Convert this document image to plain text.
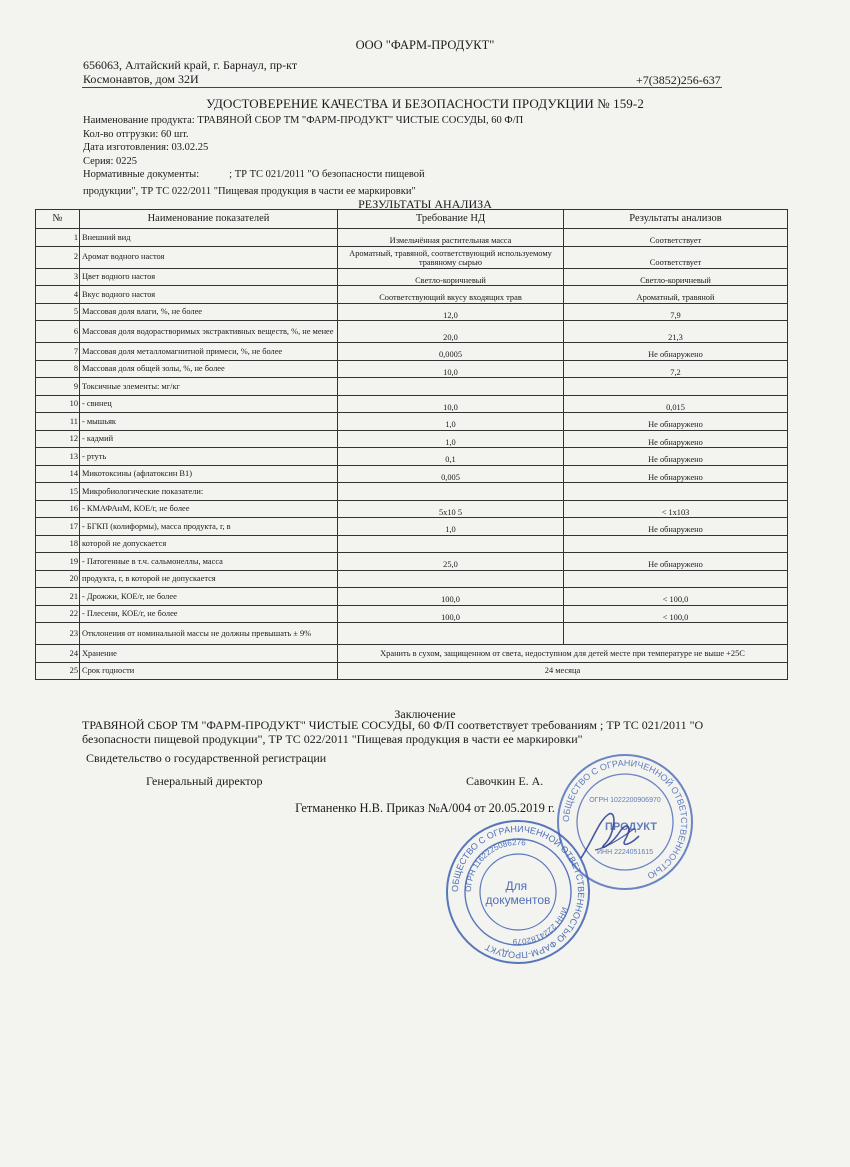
ООО "ФАРМ-ПРОДУКТ"
656063, Алтайский край, г. Барнаул, пр-кт
Космонавтов, дом 32И	+7(3852)256-637
УДОСТОВЕРЕНИЕ КАЧЕСТВА И БЕЗОПАСНОСТИ ПРОДУКЦИИ № 159-2
Наименование продукта: ТРАВЯНОЙ СБОР ТМ "ФАРМ-ПРОДУКТ" ЧИСТЫЕ СОСУДЫ, 60 Ф/П
Кол-во отгрузки: 60 шт.
Дата изготовления: 03.02.25
Серия: 0225
Нормативные документы:	; ТР ТС 021/2011 "О безопасности пищевой
продукции", ТР ТС 022/2011 "Пищевая продукция в части ее маркировки"
РЕЗУЛЬТАТЫ АНАЛИЗА
№	Наименование показателей	Требование НД	Результаты анализов
1	Внешний вид	Измельчённая растительная масса	Соответствует
2	Аромат водного настоя	Ароматный, травяной, соответствующий используемому травяному сырью	Соответствует
3	Цвет водного настоя	Светло-коричневый	Светло-коричневый
4	Вкус водного настоя	Соответствующий вкусу входящих трав	Ароматный, травяной
5	Массовая доля влаги, %, не более	12,0	7,9
6	Массовая доля водорастворимых экстрактивных веществ, %, не менее	20,0	21,3
7	Массовая доля металломагнитной примеси, %, не более	0,0005	Не обнаружено
8	Массовая доля общей золы, %, не более	10,0	7,2
9	Токсичные элементы: мг/кг		
10	- свинец	10,0	0,015
11	- мышьяк	1,0	Не обнаружено
12	- кадмий	1,0	Не обнаружено
13	- ртуть	0,1	Не обнаружено
14	Микотоксины (афлатоксин В1)	0,005	Не обнаружено
15	Микробиологические показатели:		
16	- КМАФАнМ, КОЕ/г, не более	5x10 5	< 1x103
17	- БГКП (колиформы), масса продукта, г, в	1,0	Не обнаружено
18	которой не допускается		
19	- Патогенные в т.ч. сальмонеллы, масса	25,0	Не обнаружено
20	продукта, г, в которой не допускается		
21	- Дрожжи, КОЕ/г, не более	100,0	< 100,0
22	- Плесени, КОЕ/г, не более	100,0	< 100,0
23	Отклонения от номинальной массы не должны превышать ± 9%		
24	Хранение	Хранить в сухом, защищенном от света, недоступном для детей месте при температуре не выше +25С	
25	Срок годности	24 месяца	
Заключение
ТРАВЯНОЙ СБОР ТМ "ФАРМ-ПРОДУКТ" ЧИСТЫЕ СОСУДЫ, 60 Ф/П соответствует требованиям ; ТР ТС 021/2011 "О безопасности пищевой продукции", ТР ТС 022/2011 "Пищевая продукция в части ее маркировки"
Свидетельство о государственной регистрации
Генеральный директор	Савочкин Е. А.
Гетманенко Н.В. Приказ №А/004 от 20.05.2019 г.
ОБЩЕСТВО С ОГРАНИЧЕННОЙ ОТВЕТСТВЕННОСТЬЮ
ОГРН 1022200906970
ПРОДУКТ
ИНН 2224051615
ОБЩЕСТВО С ОГРАНИЧЕННОЙ ОТВЕТСТВЕННОСТЬЮ ФАРМ-ПРОДУКТ
ОГРН 1162225086276
ИНН 2224182079
Для документов
